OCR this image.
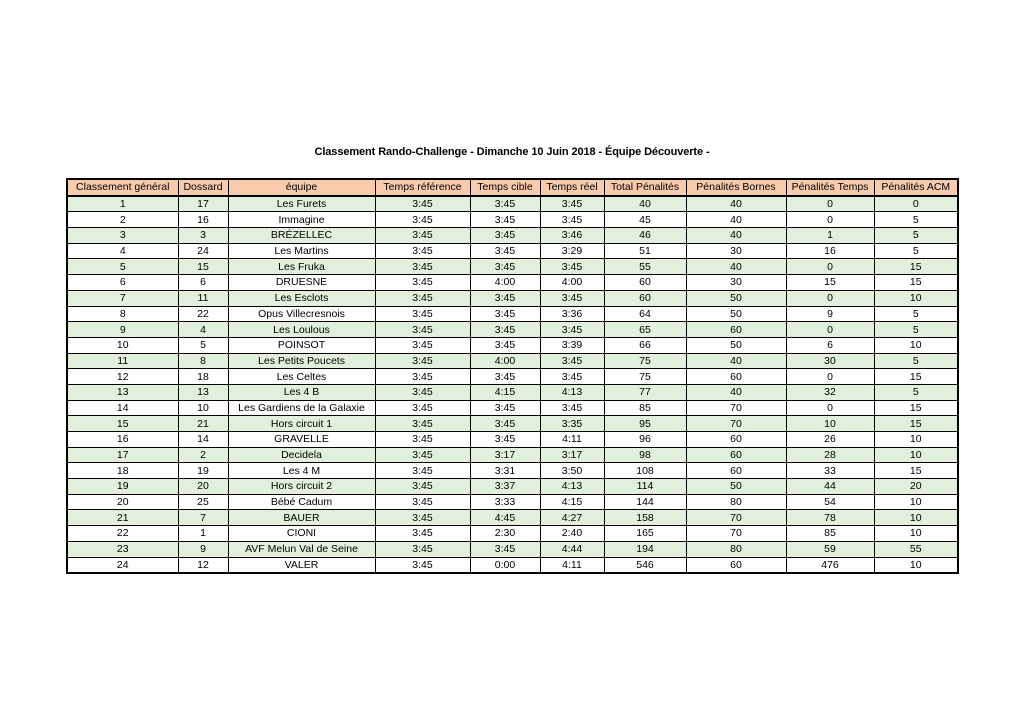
Classement Rando-Challenge - Dimanche 10 Juin 2018 - Équipe Découverte -
Classement général	Dossard	équipe	Temps référence	Temps cible	Temps réel	Total Pénalités	Pénalités Bornes	Pénalités Temps	Pénalités ACM
1	17	Les Furets	3:45	3:45	3:45	40	40	0	0
2	16	Immagine	3:45	3:45	3:45	45	40	0	5
3	3	BRÉZELLEC	3:45	3:45	3:46	46	40	1	5
4	24	Les Martins	3:45	3:45	3:29	51	30	16	5
5	15	Les Fruka	3:45	3:45	3:45	55	40	0	15
6	6	DRUESNE	3:45	4:00	4:00	60	30	15	15
7	11	Les Esclots	3:45	3:45	3:45	60	50	0	10
8	22	Opus Villecresnois	3:45	3:45	3:36	64	50	9	5
9	4	Les Loulous	3:45	3:45	3:45	65	60	0	5
10	5	POINSOT	3:45	3:45	3:39	66	50	6	10
11	8	Les Petits Poucets	3:45	4:00	3:45	75	40	30	5
12	18	Les Celtes	3:45	3:45	3:45	75	60	0	15
13	13	Les 4 B	3:45	4:15	4:13	77	40	32	5
14	10	Les Gardiens de la Galaxie	3:45	3:45	3:45	85	70	0	15
15	21	Hors circuit 1	3:45	3:45	3:35	95	70	10	15
16	14	GRAVELLE	3:45	3:45	4:11	96	60	26	10
17	2	Decidela	3:45	3:17	3:17	98	60	28	10
18	19	Les 4 M	3:45	3:31	3:50	108	60	33	15
19	20	Hors circuit 2	3:45	3:37	4:13	114	50	44	20
20	25	Bébé Cadum	3:45	3:33	4:15	144	80	54	10
21	7	BAUER	3:45	4:45	4:27	158	70	78	10
22	1	CIONI	3:45	2:30	2:40	165	70	85	10
23	9	AVF Melun Val de Seine	3:45	3:45	4:44	194	80	59	55
24	12	VALER	3:45	0:00	4:11	546	60	476	10
